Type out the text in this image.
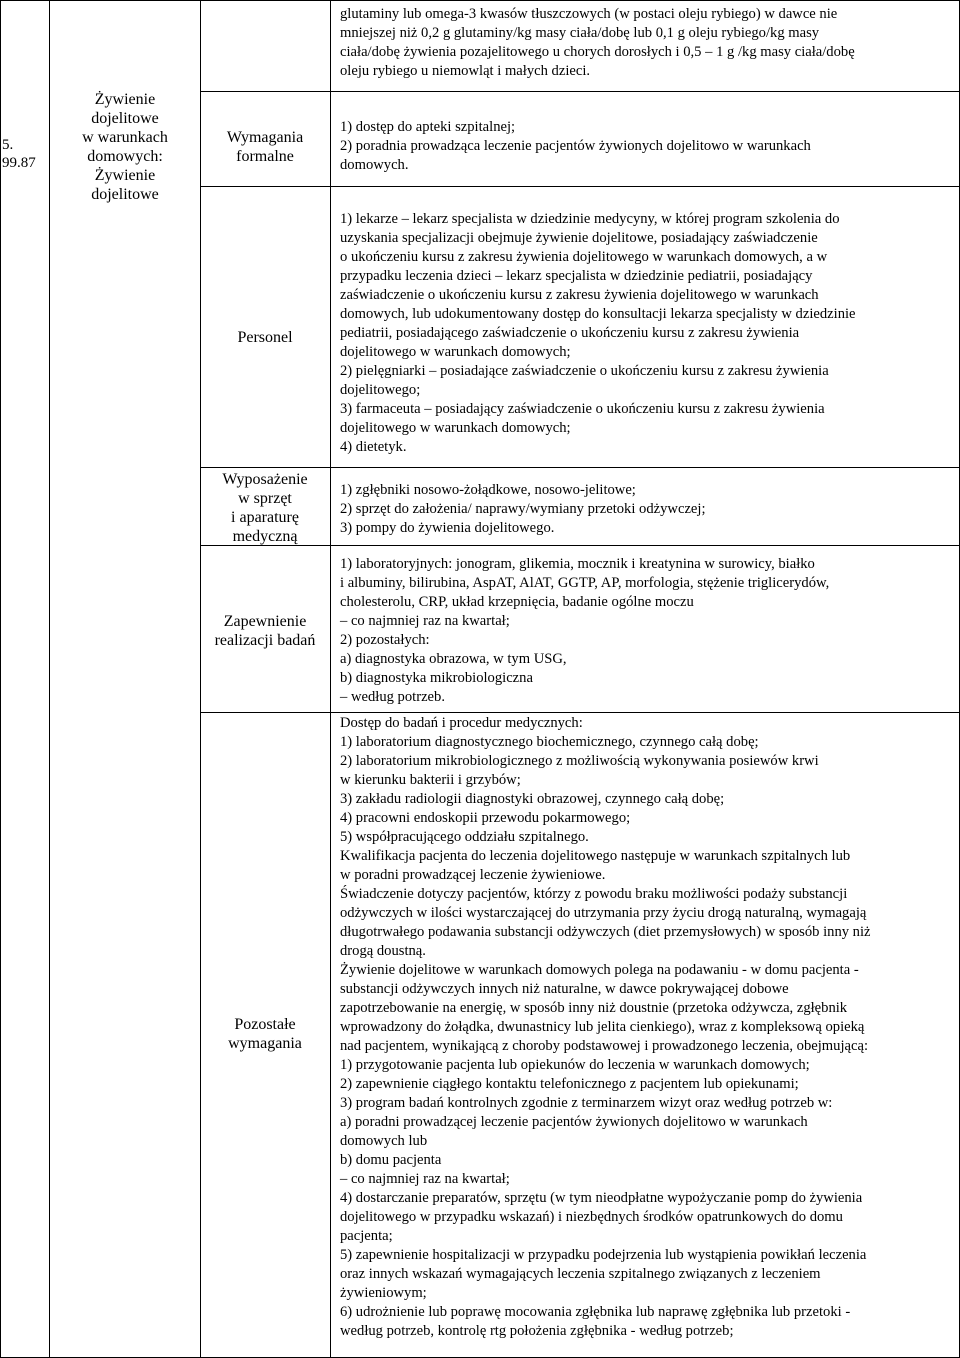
5. 99.87
Żywienie
dojelitowe
w warunkach
domowych:
Żywienie
dojelitowe
Wymagania
formalne
Personel
Wyposażenie
w sprzęt
i aparaturę
medyczną
Zapewnienie
realizacji badań
Pozostałe
wymagania
glutaminy lub omega-3 kwasów tłuszczowych (w postaci oleju rybiego) w dawce nie
mniejszej niż 0,2 g glutaminy/kg masy ciała/dobę lub 0,1 g oleju rybiego/kg masy
ciała/dobę żywienia pozajelitowego u chorych dorosłych i 0,5 – 1 g /kg masy ciała/dobę
oleju rybiego u niemowląt i małych dzieci.
1) dostęp do apteki szpitalnej;
2) poradnia prowadząca leczenie pacjentów żywionych dojelitowo w warunkach
domowych.
1) lekarze – lekarz specjalista w dziedzinie medycyny, w której program szkolenia do
uzyskania specjalizacji obejmuje żywienie dojelitowe, posiadający zaświadczenie
o ukończeniu kursu z zakresu żywienia dojelitowego w warunkach domowych, a w
przypadku leczenia dzieci – lekarz specjalista w dziedzinie pediatrii, posiadający
zaświadczenie o ukończeniu kursu z zakresu żywienia dojelitowego w warunkach
domowych, lub udokumentowany dostęp do konsultacji lekarza specjalisty w dziedzinie
pediatrii, posiadającego zaświadczenie o ukończeniu kursu z zakresu żywienia
dojelitowego w warunkach domowych;
2) pielęgniarki – posiadające zaświadczenie o ukończeniu kursu z zakresu żywienia
dojelitowego;
3) farmaceuta – posiadający zaświadczenie o ukończeniu kursu z zakresu żywienia
dojelitowego w warunkach domowych;
4) dietetyk.
1) zgłębniki nosowo-żołądkowe, nosowo-jelitowe;
2) sprzęt do założenia/ naprawy/wymiany przetoki odżywczej;
3) pompy do żywienia dojelitowego.
1) laboratoryjnych: jonogram, glikemia, mocznik i kreatynina w surowicy, białko
i albuminy, bilirubina, AspAT, AlAT, GGTP, AP, morfologia, stężenie triglicerydów,
cholesterolu, CRP, układ krzepnięcia, badanie ogólne moczu
– co najmniej raz na kwartał;
2) pozostałych:
a) diagnostyka obrazowa, w tym USG,
b) diagnostyka mikrobiologiczna
– według potrzeb.
Dostęp do badań i procedur medycznych:
1) laboratorium diagnostycznego biochemicznego, czynnego całą dobę;
2) laboratorium mikrobiologicznego z możliwością wykonywania posiewów krwi
w kierunku bakterii i grzybów;
3) zakładu radiologii diagnostyki obrazowej, czynnego całą dobę;
4) pracowni endoskopii przewodu pokarmowego;
5) współpracującego oddziału szpitalnego.
Kwalifikacja pacjenta do leczenia dojelitowego następuje w warunkach szpitalnych lub
w poradni prowadzącej leczenie żywieniowe.
Świadczenie dotyczy pacjentów, którzy z powodu braku możliwości podaży substancji
odżywczych w ilości wystarczającej do utrzymania przy życiu drogą naturalną, wymagają
długotrwałego podawania substancji odżywczych (diet przemysłowych) w sposób inny niż
drogą doustną.
Żywienie dojelitowe w warunkach domowych polega na podawaniu - w domu pacjenta -
substancji odżywczych innych niż naturalne, w dawce pokrywającej dobowe
zapotrzebowanie na energię, w sposób inny niż doustnie (przetoka odżywcza, zgłębnik
wprowadzony do żołądka, dwunastnicy lub jelita cienkiego), wraz z kompleksową opieką
nad pacjentem, wynikającą z choroby podstawowej i prowadzonego leczenia, obejmującą:
1) przygotowanie pacjenta lub opiekunów do leczenia w warunkach domowych;
2) zapewnienie ciągłego kontaktu telefonicznego z pacjentem lub opiekunami;
3) program badań kontrolnych zgodnie z terminarzem wizyt oraz według potrzeb w:
a) poradni prowadzącej leczenie pacjentów żywionych dojelitowo w warunkach
domowych lub
b) domu pacjenta
– co najmniej raz na kwartał;
4) dostarczanie preparatów, sprzętu (w tym nieodpłatne wypożyczanie pomp do żywienia
dojelitowego w przypadku wskazań) i niezbędnych środków opatrunkowych do domu
pacjenta;
5) zapewnienie hospitalizacji w przypadku podejrzenia lub wystąpienia powikłań leczenia
oraz innych wskazań wymagających leczenia szpitalnego związanych z leczeniem
żywieniowym;
6) udrożnienie lub poprawę mocowania zgłębnika lub naprawę zgłębnika lub przetoki -
według potrzeb, kontrolę rtg położenia zgłębnika - według potrzeb;
